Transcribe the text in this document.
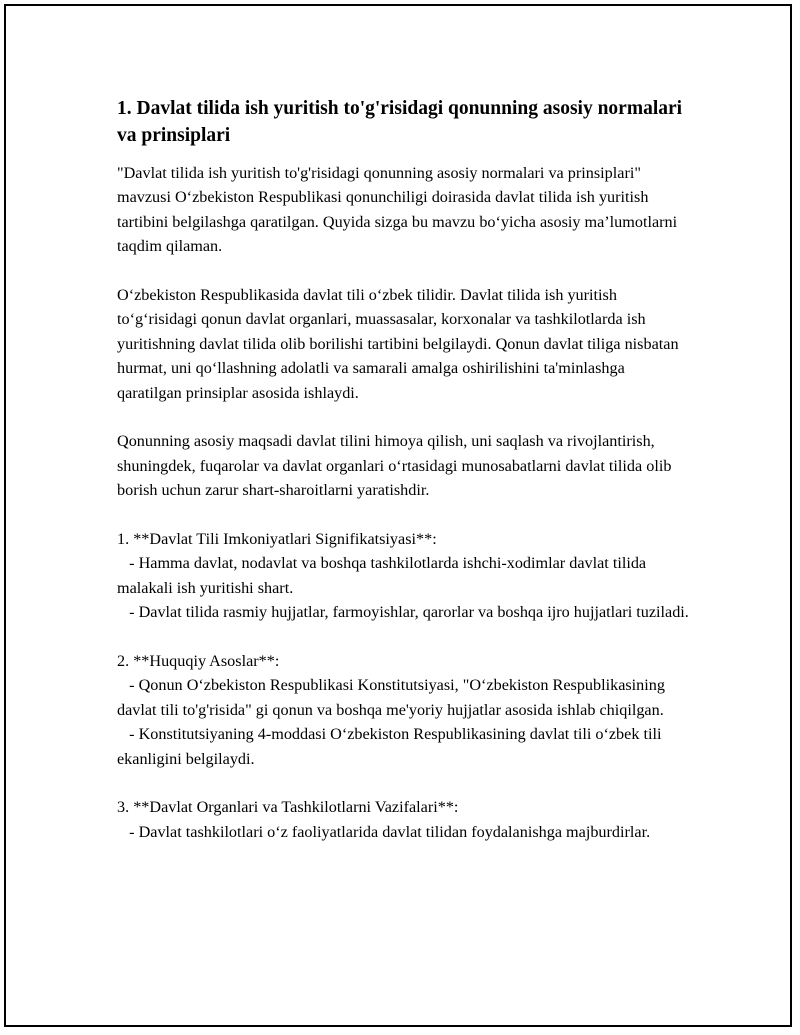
1. Davlat tilida ish yuritish to'g'risidagi qonunning asosiy normalari va prinsiplari

"Davlat tilida ish yuritish to'g'risidagi qonunning asosiy normalari va prinsiplari" mavzusi Oʻzbekiston Respublikasi qonunchiligi doirasida davlat tilida ish yuritish tartibini belgilashga qaratilgan. Quyida sizga bu mavzu boʻyicha asosiy maʼlumotlarni taqdim qilaman.

Oʻzbekiston Respublikasida davlat tili oʻzbek tilidir. Davlat tilida ish yuritish toʻgʻrisidagi qonun davlat organlari, muassasalar, korxonalar va tashkilotlarda ish yuritishning davlat tilida olib borilishi tartibini belgilaydi. Qonun davlat tiliga nisbatan hurmat, uni qoʻllashning adolatli va samarali amalga oshirilishini ta'minlashga qaratilgan prinsiplar asosida ishlaydi.

Qonunning asosiy maqsadi davlat tilini himoya qilish, uni saqlash va rivojlantirish, shuningdek, fuqarolar va davlat organlari oʻrtasidagi munosabatlarni davlat tilida olib borish uchun zarur shart-sharoitlarni yaratishdir.

1. **Davlat Tili Imkoniyatlari Signifikatsiyasi**:
- Hamma davlat, nodavlat va boshqa tashkilotlarda ishchi-xodimlar davlat tilida malakali ish yuritishi shart.
- Davlat tilida rasmiy hujjatlar, farmoyishlar, qarorlar va boshqa ijro hujjatlari tuziladi.

2. **Huquqiy Asoslar**:
- Qonun Oʻzbekiston Respublikasi Konstitutsiyasi, "Oʻzbekiston Respublikasining davlat tili to'g'risida" gi qonun va boshqa me'yoriy hujjatlar asosida ishlab chiqilgan.
- Konstitutsiyaning 4-moddasi Oʻzbekiston Respublikasining davlat tili oʻzbek tili ekanligini belgilaydi.

3. **Davlat Organlari va Tashkilotlarni Vazifalari**:
- Davlat tashkilotlari oʻz faoliyatlarida davlat tilidan foydalanishga majburdirlar.
